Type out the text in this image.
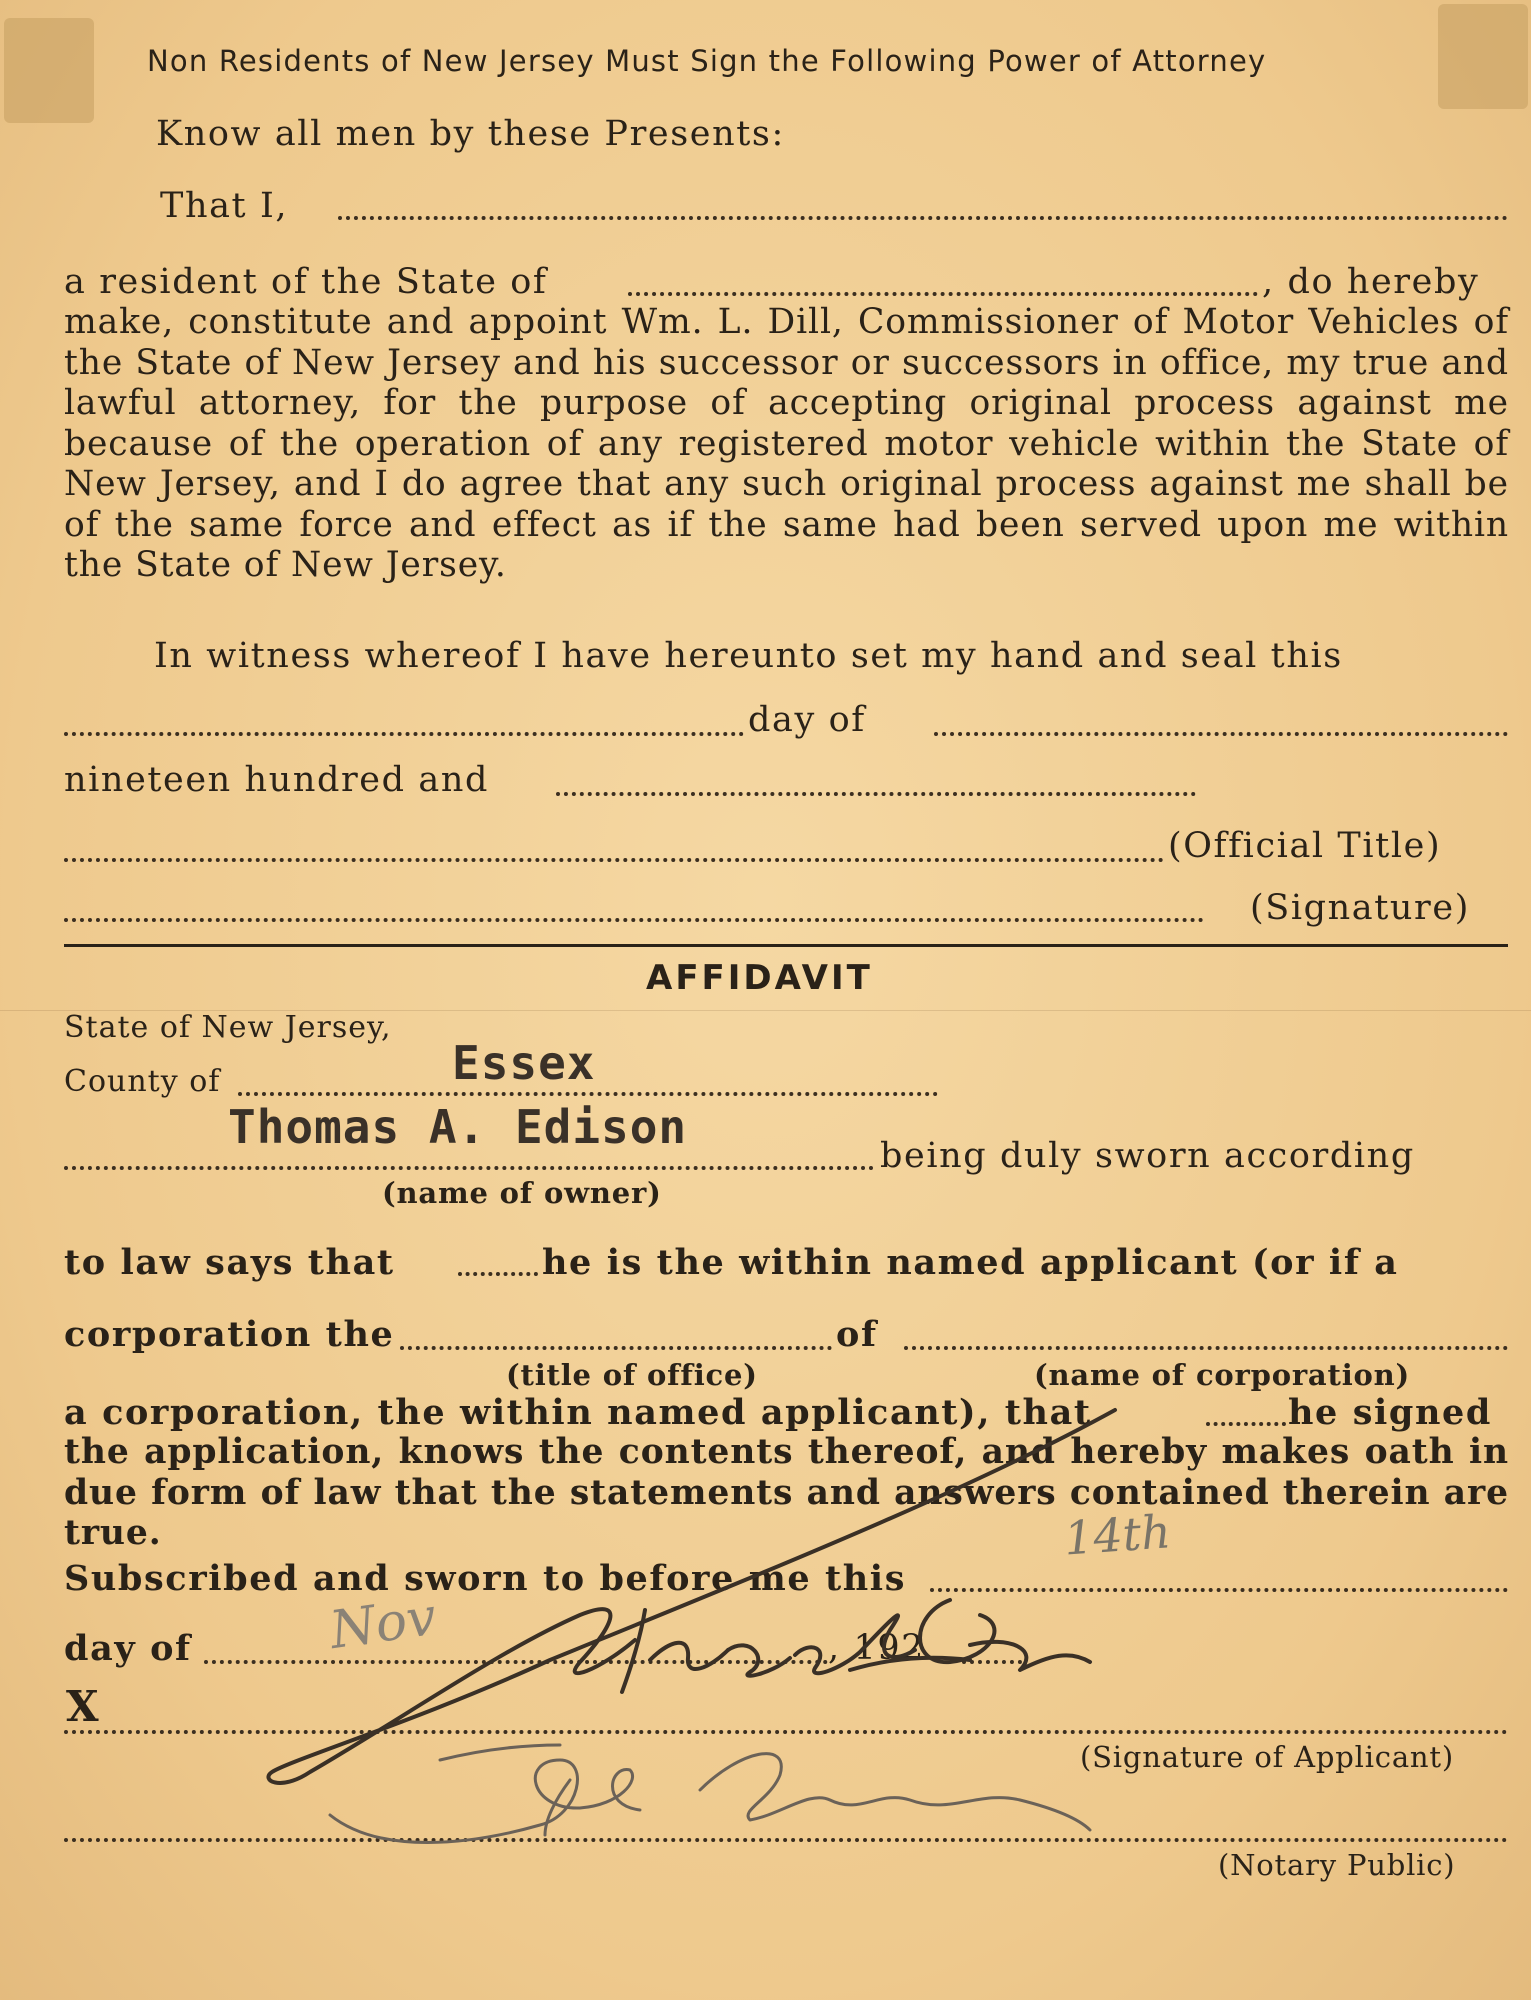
Non Residents of New Jersey Must Sign the Following Power of Attorney
Know all men by these Presents:
That I,
a resident of the State of	, do hereby
make, constitute and appoint Wm. L. Dill, Commissioner of Motor Vehicles of the State of New Jersey and his successor or successors in office, my true and lawful attorney, for the purpose of accepting original process against me because of the operation of any registered motor vehicle within the State of New Jersey, and I do agree that any such original process against me shall be of the same force and effect as if the same had been served upon me within the State of New Jersey.
In witness whereof I have hereunto set my hand and seal this
day of
nineteen hundred and
(Official Title)
(Signature)
AFFIDAVIT
State of New Jersey,
County of	Essex
Thomas A. Edison
being duly sworn according
(name of owner)
to law says that	he is the within named applicant (or if a
corporation the	of
(title of office)	(name of corporation)
a corporation, the within named applicant), that	he signed
the application, knows the contents thereof, and hereby makes oath in due form of law that the statements and answers contained therein are true.
Subscribed and sworn to before me this
day of	, 192
X
(Signature of Applicant)
(Notary Public)
14th
Nov
